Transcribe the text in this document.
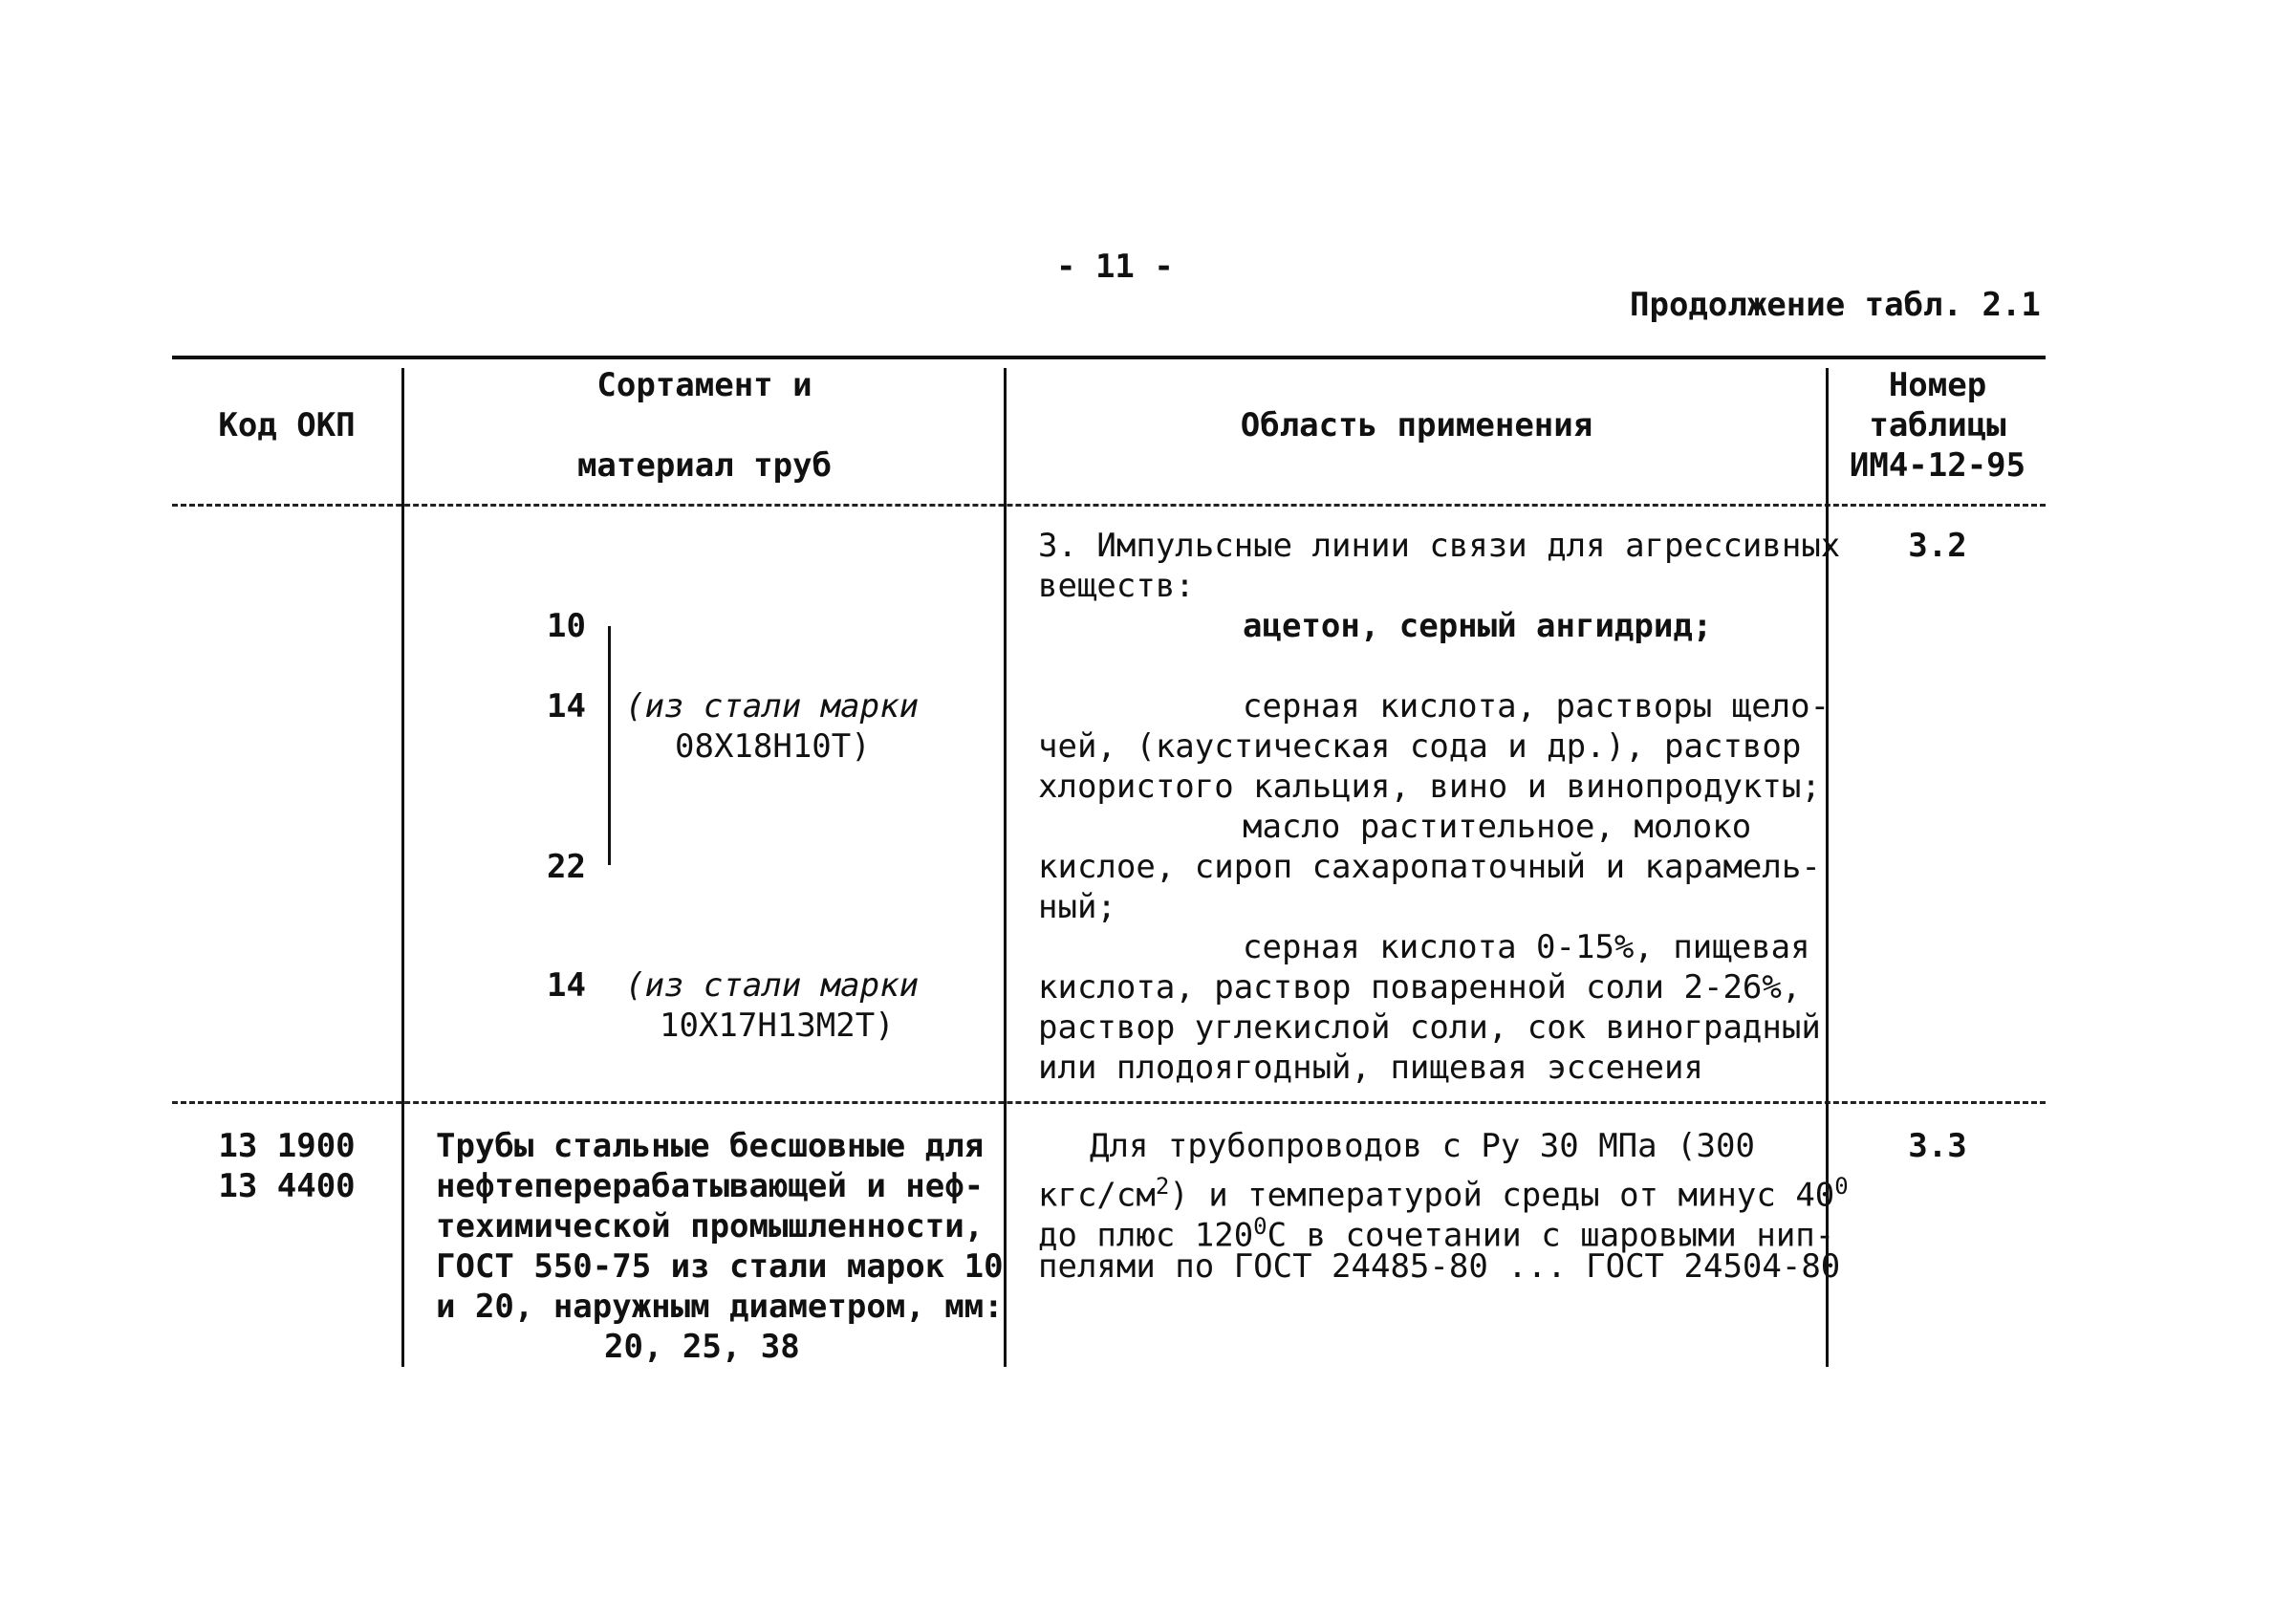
- 11 -
Продолжение табл. 2.1
Код ОКП
Сортамент и
материал труб
Область применения
Номер
таблицы
ИМ4-12-95
10
14
22
(из стали марки
08Х18Н10Т)
14 (из стали марки
10Х17Н13М2Т)
3. Импульсные линии связи для агрессивных
веществ:
ацетон, серный ангидрид;
серная кислота, растворы щело-
чей, (каустическая сода и др.), раствор
хлористого кальция, вино и винопродукты;
масло растительное, молоко
кислое, сироп сахаропаточный и карамель-
ный;
серная кислота 0-15%, пищевая
кислота, раствор поваренной соли 2-26%,
раствор углекислой соли, сок виноградный
или плодоягодный, пищевая эссенеия
3.2
13 1900
13 4400
Трубы стальные бесшовные для
нефтеперерабатывающей и неф-
техимической промышленности,
ГОСТ 550-75 из стали марок 10
и 20, наружным диаметром, мм:
20, 25, 38
Для трубопроводов с Ру 30 МПа (300
кгс/$см^2$) и температурой среды от минус $40^0$
до плюс $120^0С$ в сочетании с шаровыми нип-
пелями по ГОСТ 24485-80 ... ГОСТ 24504-80
3.3
